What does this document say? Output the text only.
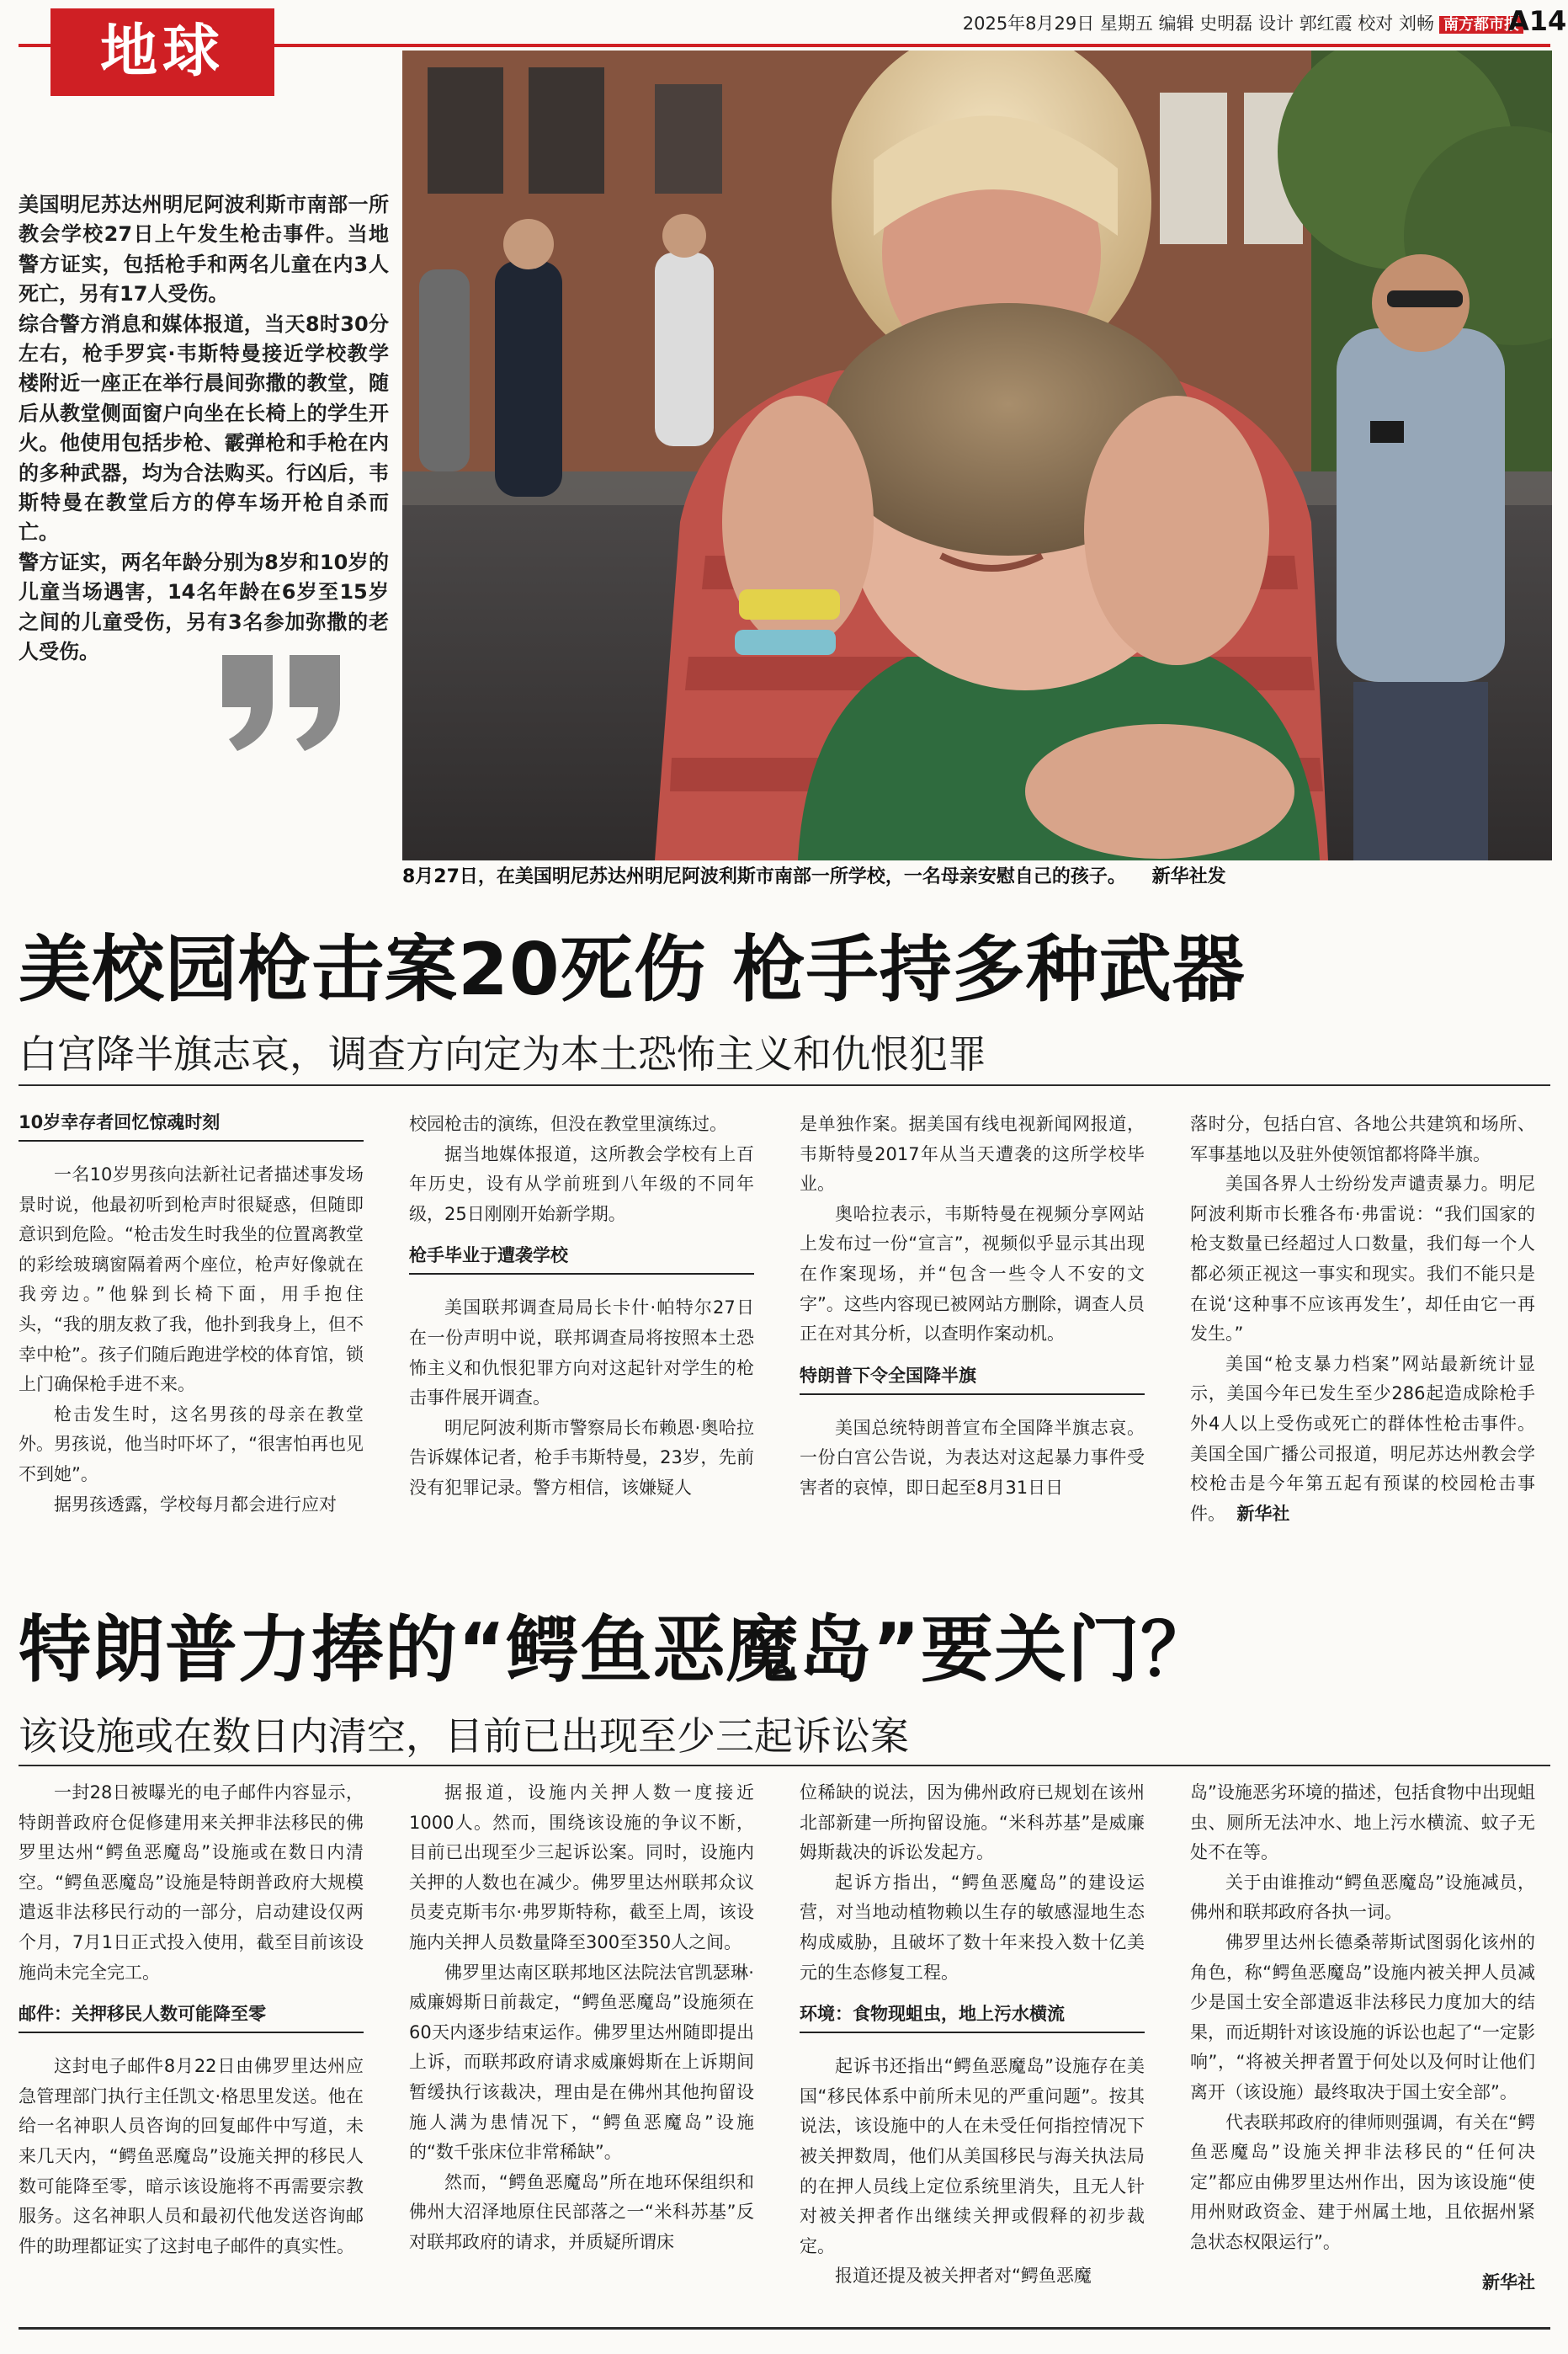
地球	2025年8月29日 星期五 编辑 史明磊 设计 郭红霞 校对 刘畅 南方都市报
A14

美国明尼苏达州明尼阿波利斯市南部一所教会学校27日上午发生枪击事件。当地警方证实，包括枪手和两名儿童在内3人死亡，另有17人受伤。

综合警方消息和媒体报道，当天8时30分左右，枪手罗宾·韦斯特曼接近学校教学楼附近一座正在举行晨间弥撒的教堂，随后从教堂侧面窗户向坐在长椅上的学生开火。他使用包括步枪、霰弹枪和手枪在内的多种武器，均为合法购买。行凶后，韦斯特曼在教堂后方的停车场开枪自杀而亡。

警方证实，两名年龄分别为8岁和10岁的儿童当场遇害，14名年龄在6岁至15岁之间的儿童受伤，另有3名参加弥撒的老人受伤。

8月27日，在美国明尼苏达州明尼阿波利斯市南部一所学校，一名母亲安慰自己的孩子。 新华社发
美校园枪击案20死伤 枪手持多种武器
白宫降半旗志哀，调查方向定为本土恐怖主义和仇恨犯罪

10岁幸存者回忆惊魂时刻

一名10岁男孩向法新社记者描述事发场景时说，他最初听到枪声时很疑惑，但随即意识到危险。“枪击发生时我坐的位置离教堂的彩绘玻璃窗隔着两个座位，枪声好像就在我旁边。”他躲到长椅下面，用手抱住头，“我的朋友救了我，他扑到我身上，但不幸中枪”。孩子们随后跑进学校的体育馆，锁上门确保枪手进不来。

枪击发生时，这名男孩的母亲在教堂外。男孩说，他当时吓坏了，“很害怕再也见不到她”。

据男孩透露，学校每月都会进行应对

校园枪击的演练，但没在教堂里演练过。

据当地媒体报道，这所教会学校有上百年历史，设有从学前班到八年级的不同年级，25日刚刚开始新学期。

枪手毕业于遭袭学校

美国联邦调查局局长卡什·帕特尔27日在一份声明中说，联邦调查局将按照本土恐怖主义和仇恨犯罪方向对这起针对学生的枪击事件展开调查。

明尼阿波利斯市警察局长布赖恩·奥哈拉告诉媒体记者，枪手韦斯特曼，23岁，先前没有犯罪记录。警方相信，该嫌疑人

是单独作案。据美国有线电视新闻网报道，韦斯特曼2017年从当天遭袭的这所学校毕业。

奥哈拉表示，韦斯特曼在视频分享网站上发布过一份“宣言”，视频似乎显示其出现在作案现场，并“包含一些令人不安的文字”。这些内容现已被网站方删除，调查人员正在对其分析，以查明作案动机。

特朗普下令全国降半旗

美国总统特朗普宣布全国降半旗志哀。一份白宫公告说，为表达对这起暴力事件受害者的哀悼，即日起至8月31日日

落时分，包括白宫、各地公共建筑和场所、军事基地以及驻外使领馆都将降半旗。

美国各界人士纷纷发声谴责暴力。明尼阿波利斯市长雅各布·弗雷说：“我们国家的枪支数量已经超过人口数量，我们每一个人都必须正视这一事实和现实。我们不能只是在说‘这种事不应该再发生’，却任由它一再发生。”

美国“枪支暴力档案”网站最新统计显示，美国今年已发生至少286起造成除枪手外4人以上受伤或死亡的群体性枪击事件。美国全国广播公司报道，明尼苏达州教会学校枪击是今年第五起有预谋的校园枪击事件。 新华社

特朗普力捧的“鳄鱼恶魔岛”要关门？
该设施或在数日内清空，目前已出现至少三起诉讼案

一封28日被曝光的电子邮件内容显示，特朗普政府仓促修建用来关押非法移民的佛罗里达州“鳄鱼恶魔岛”设施或在数日内清空。“鳄鱼恶魔岛”设施是特朗普政府大规模遣返非法移民行动的一部分，启动建设仅两个月，7月1日正式投入使用，截至目前该设施尚未完全完工。

邮件：关押移民人数可能降至零

这封电子邮件8月22日由佛罗里达州应急管理部门执行主任凯文·格思里发送。他在给一名神职人员咨询的回复邮件中写道，未来几天内，“鳄鱼恶魔岛”设施关押的移民人数可能降至零，暗示该设施将不再需要宗教服务。这名神职人员和最初代他发送咨询邮件的助理都证实了这封电子邮件的真实性。

据报道，设施内关押人数一度接近1000人。然而，围绕该设施的争议不断，目前已出现至少三起诉讼案。同时，设施内关押的人数也在减少。佛罗里达州联邦众议员麦克斯韦尔·弗罗斯特称，截至上周，该设施内关押人员数量降至300至350人之间。

佛罗里达南区联邦地区法院法官凯瑟琳·威廉姆斯日前裁定，“鳄鱼恶魔岛”设施须在60天内逐步结束运作。佛罗里达州随即提出上诉，而联邦政府请求威廉姆斯在上诉期间暂缓执行该裁决，理由是在佛州其他拘留设施人满为患情况下，“鳄鱼恶魔岛”设施的“数千张床位非常稀缺”。

然而，“鳄鱼恶魔岛”所在地环保组织和佛州大沼泽地原住民部落之一“米科苏基”反对联邦政府的请求，并质疑所谓床

位稀缺的说法，因为佛州政府已规划在该州北部新建一所拘留设施。“米科苏基”是威廉姆斯裁决的诉讼发起方。

起诉方指出，“鳄鱼恶魔岛”的建设运营，对当地动植物赖以生存的敏感湿地生态构成威胁，且破坏了数十年来投入数十亿美元的生态修复工程。

环境：食物现蛆虫，地上污水横流

起诉书还指出“鳄鱼恶魔岛”设施存在美国“移民体系中前所未见的严重问题”。按其说法，该设施中的人在未受任何指控情况下被关押数周，他们从美国移民与海关执法局的在押人员线上定位系统里消失，且无人针对被关押者作出继续关押或假释的初步裁定。

报道还提及被关押者对“鳄鱼恶魔

岛”设施恶劣环境的描述，包括食物中出现蛆虫、厕所无法冲水、地上污水横流、蚊子无处不在等。

关于由谁推动“鳄鱼恶魔岛”设施减员，佛州和联邦政府各执一词。

佛罗里达州长德桑蒂斯试图弱化该州的角色，称“鳄鱼恶魔岛”设施内被关押人员减少是国土安全部遣返非法移民力度加大的结果，而近期针对该设施的诉讼也起了“一定影响”，“将被关押者置于何处以及何时让他们离开（该设施）最终取决于国土安全部”。

代表联邦政府的律师则强调，有关在“鳄鱼恶魔岛”设施关押非法移民的“任何决定”都应由佛罗里达州作出，因为该设施“使用州财政资金、建于州属土地，且依据州紧急状态权限运行”。

新华社
